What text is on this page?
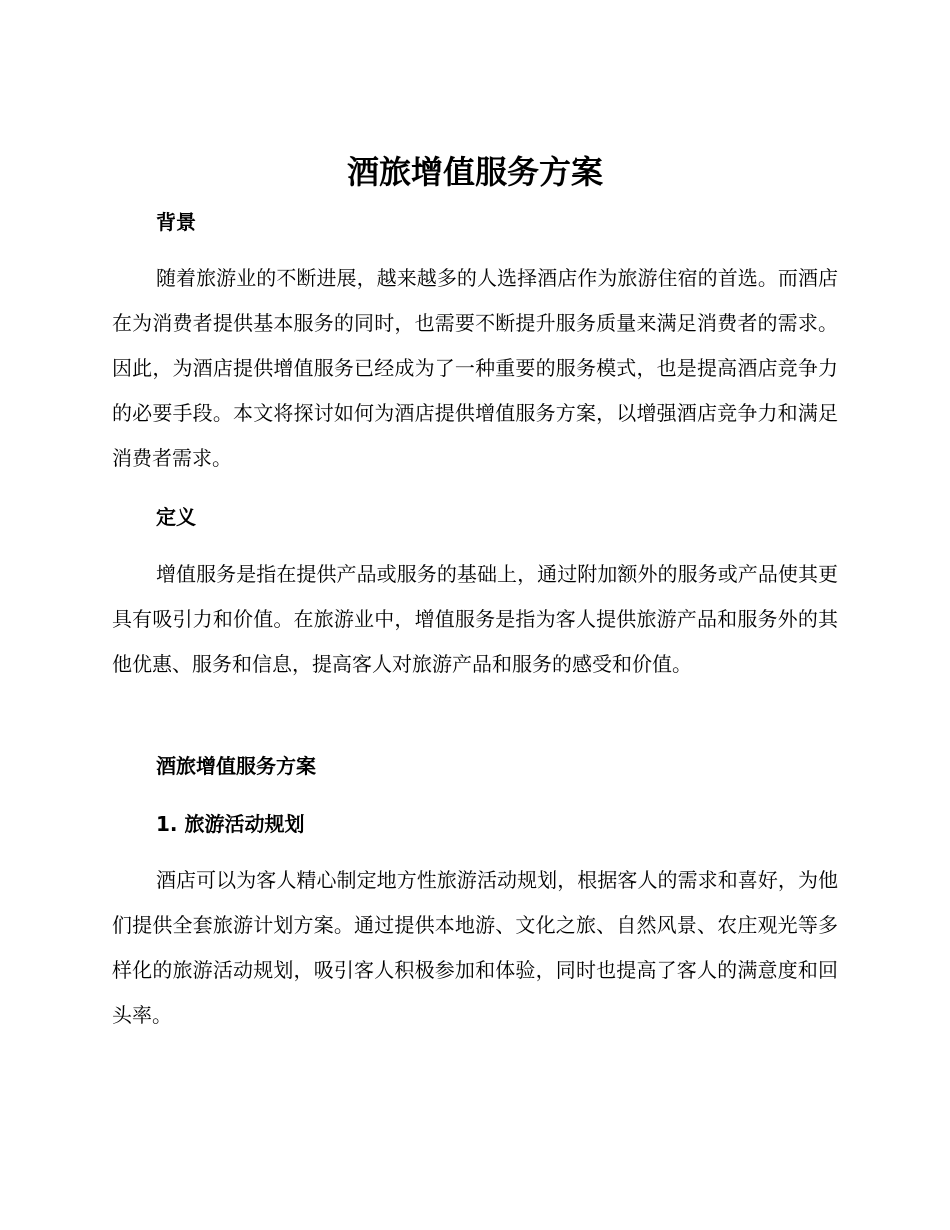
酒旅增值服务方案
背景

随着旅游业的不断进展，越来越多的人选择酒店作为旅游住宿的首选。而酒店在为消费者提供基本服务的同时，也需要不断提升服务质量来满足消费者的需求。因此，为酒店提供增值服务已经成为了一种重要的服务模式，也是提高酒店竞争力的必要手段。本文将探讨如何为酒店提供增值服务方案，以增强酒店竞争力和满足消费者需求。

定义

增值服务是指在提供产品或服务的基础上，通过附加额外的服务或产品使其更具有吸引力和价值。在旅游业中，增值服务是指为客人提供旅游产品和服务外的其他优惠、服务和信息，提高客人对旅游产品和服务的感受和价值。

酒旅增值服务方案
1. 旅游活动规划

酒店可以为客人精心制定地方性旅游活动规划，根据客人的需求和喜好，为他们提供全套旅游计划方案。通过提供本地游、文化之旅、自然风景、农庄观光等多样化的旅游活动规划，吸引客人积极参加和体验，同时也提高了客人的满意度和回头率。
